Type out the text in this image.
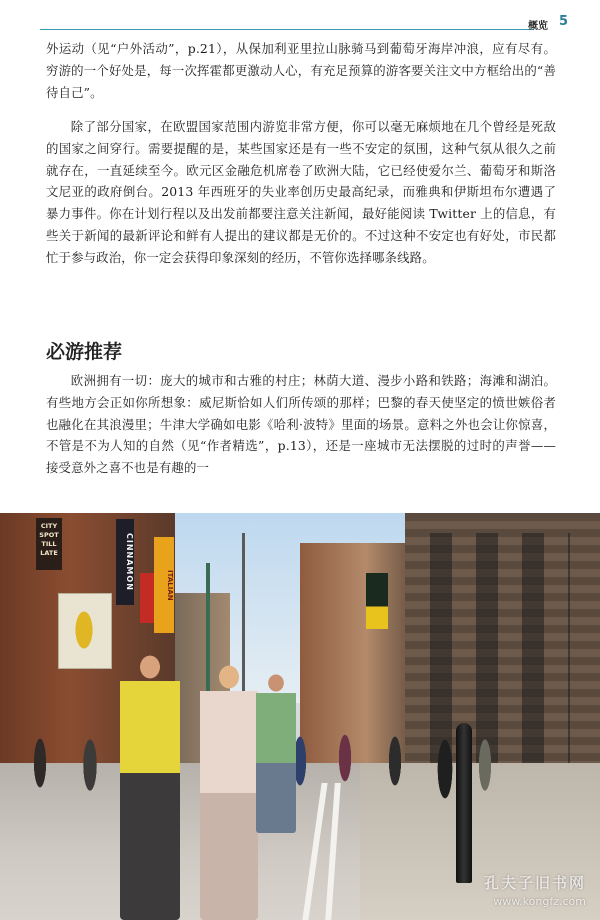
概览 5

外运动（见“户外活动”，p.21），从保加利亚里拉山脉骑马到葡萄牙海岸冲浪，应有尽有。穷游的一个好处是，每一次挥霍都更激动人心，有充足预算的游客要关注文中方框给出的“善待自己”。

除了部分国家，在欧盟国家范围内游览非常方便，你可以毫无麻烦地在几个曾经是死敌的国家之间穿行。需要提醒的是，某些国家还是有一些不安定的氛围，这种气氛从很久之前就存在，一直延续至今。欧元区金融危机席卷了欧洲大陆，它已经使爱尔兰、葡萄牙和斯洛文尼亚的政府倒台。2013 年西班牙的失业率创历史最高纪录，而雅典和伊斯坦布尔遭遇了暴力事件。你在计划行程以及出发前都要注意关注新闻，最好能阅读 Twitter 上的信息，有些关于新闻的最新评论和鲜有人提出的建议都是无价的。不过这种不安定也有好处，市民都忙于参与政治，你一定会获得印象深刻的经历，不管你选择哪条线路。

必游推荐

欧洲拥有一切：庞大的城市和古雅的村庄；林荫大道、漫步小路和铁路；海滩和湖泊。有些地方会正如你所想象：威尼斯恰如人们所传颂的那样；巴黎的春天使坚定的愤世嫉俗者也融化在其浪漫里；牛津大学确如电影《哈利·波特》里面的场景。意料之外也会让你惊喜，不管是不为人知的自然（见“作者精选”，p.13），还是一座城市无法摆脱的过时的声誉——接受意外之喜不也是有趣的一

CITY
SPOT
TILL
LATE	CINNAMON	ITALIAN
孔夫子旧书网
www.kongfz.com
